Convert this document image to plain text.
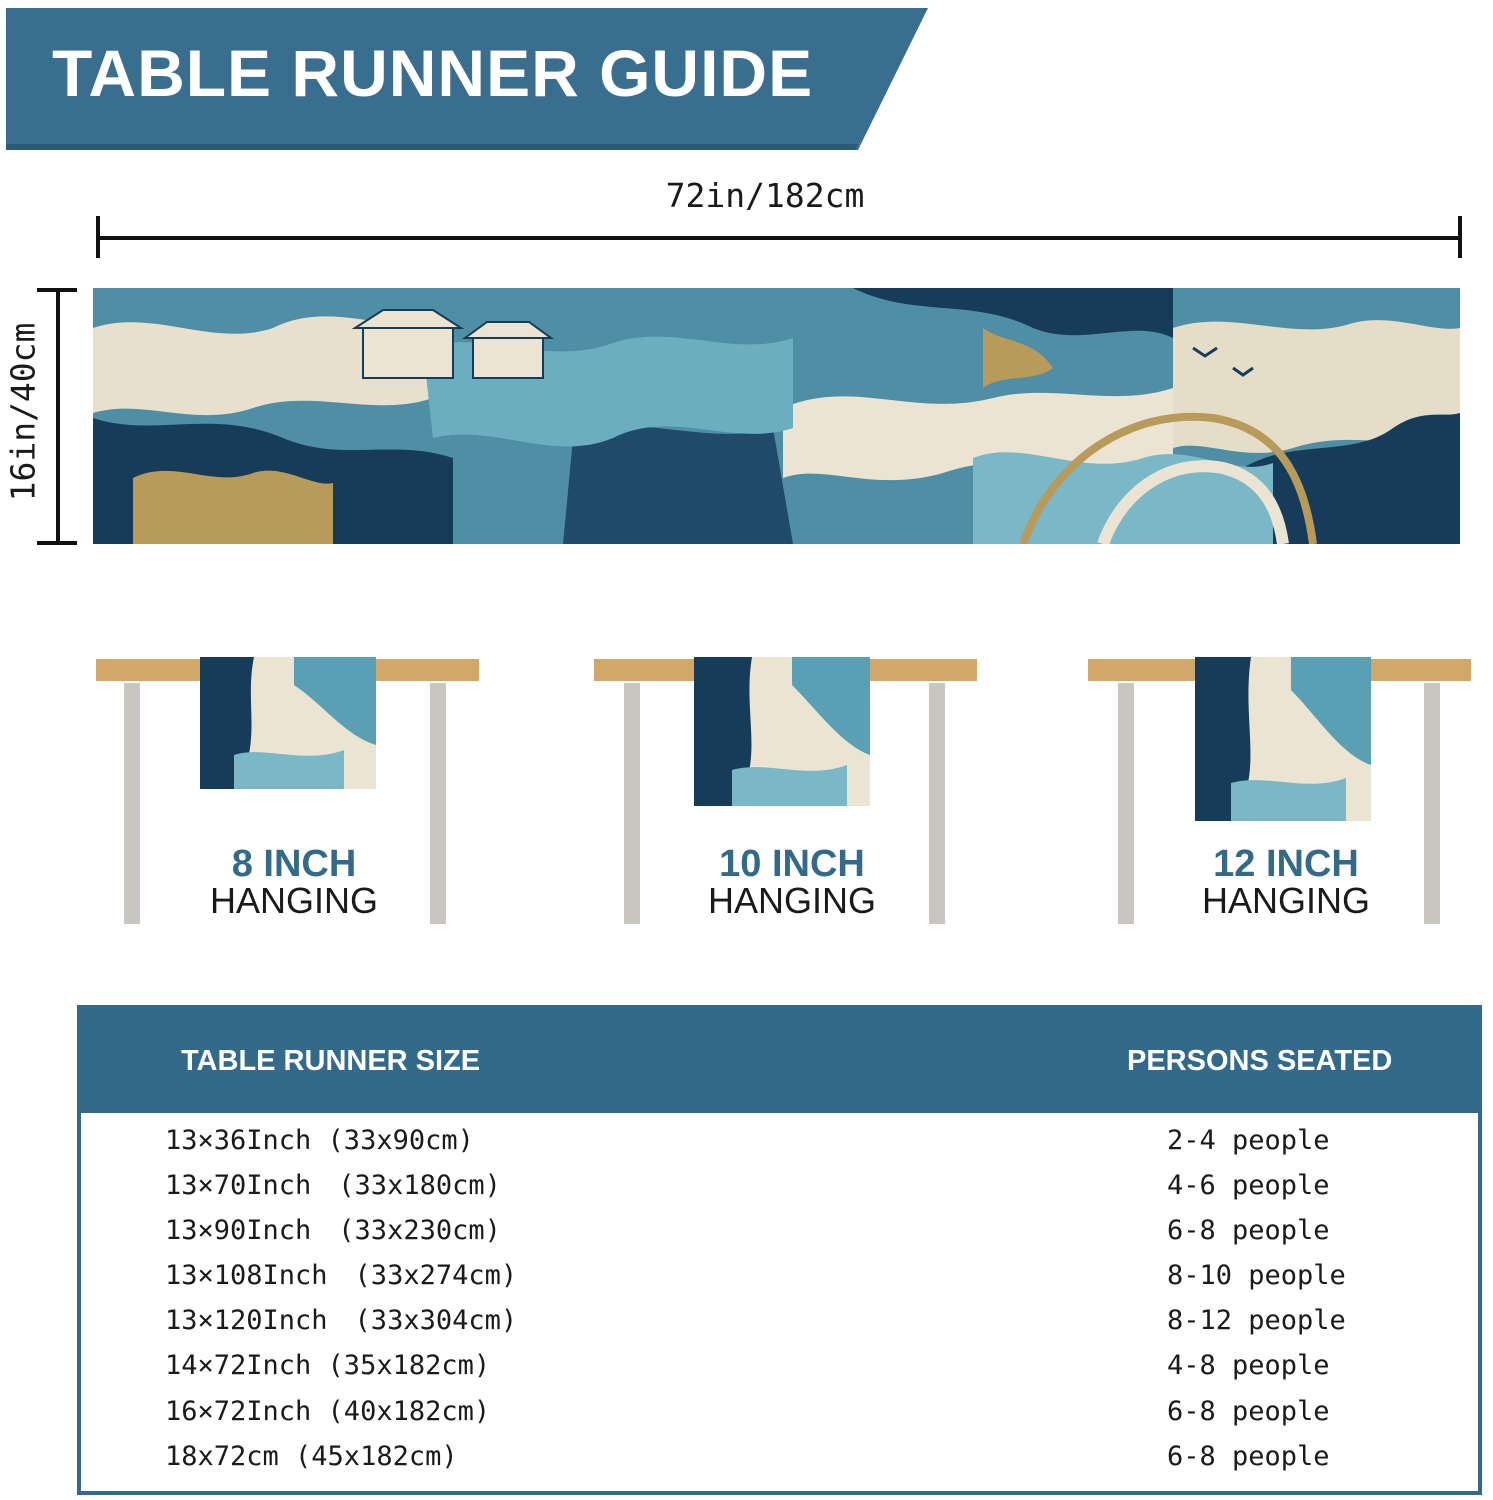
TABLE RUNNER GUIDE
72in/182cm
16in/40cm
8 INCH
HANGING
10 INCH
HANGING
12 INCH
HANGING
TABLE RUNNER SIZE	PERSONS SEATED
13×36Inch (33x90cm)	2-4 people
13×70Inch　(33x180cm)	4-6 people
13×90Inch　(33x230cm)	6-8 people
13×108Inch　(33x274cm)	8-10 people
13×120Inch　(33x304cm)	8-12 people
14×72Inch (35x182cm)	4-8 people
16×72Inch (40x182cm)	6-8 people
18x72cm (45x182cm)	6-8 people
